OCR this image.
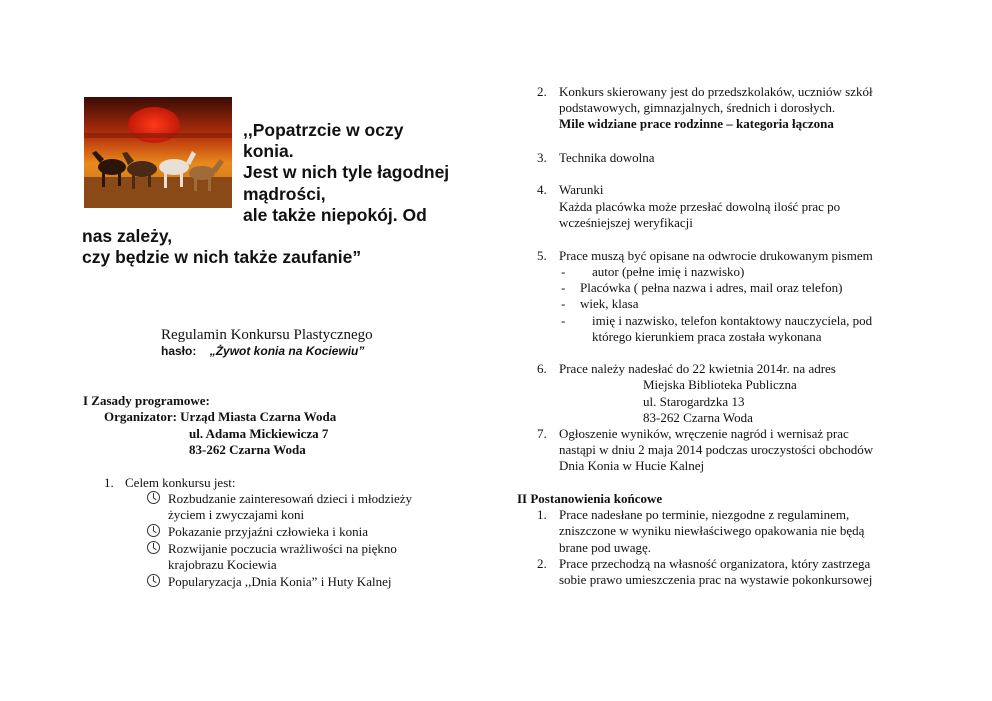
,,Popatrzcie w oczy
konia.
Jest w nich tyle łagodnej
mądrości,
ale także niepokój. Od
nas zależy,
czy będzie w nich także zaufanie”
Regulamin Konkursu Plastycznego
hasło: „Żywot konia na Kociewiu”
I Zasady programowe:
Organizator: Urząd Miasta Czarna Woda
ul. Adama Mickiewicza 7
83-262 Czarna Woda
1. Celem konkursu jest:
Rozbudzanie zainteresowań dzieci i młodzieży
życiem i zwyczajami koni
Pokazanie przyjaźni człowieka i konia
Rozwijanie poczucia wrażliwości na piękno
krajobrazu Kociewia
Popularyzacja ,,Dnia Konia” i Huty Kalnej
2. Konkurs skierowany jest do przedszkolaków, uczniów szkół
podstawowych, gimnazjalnych, średnich i dorosłych.
Mile widziane prace rodzinne – kategoria łączona
3. Technika dowolna
4. Warunki
Każda placówka może przesłać dowolną ilość prac po
wcześniejszej weryfikacji
5. Prace muszą być opisane na odwrocie drukowanym pismem
- autor (pełne imię i nazwisko)
- Placówka ( pełna nazwa i adres, mail oraz telefon)
- wiek, klasa
- imię i nazwisko, telefon kontaktowy nauczyciela, pod
którego kierunkiem praca została wykonana
6. Prace należy nadesłać do 22 kwietnia 2014r. na adres
Miejska Biblioteka Publiczna
ul. Starogardzka 13
83-262 Czarna Woda
7. Ogłoszenie wyników, wręczenie nagród i wernisaż prac
nastąpi w dniu 2 maja 2014 podczas uroczystości obchodów
Dnia Konia w Hucie Kalnej
II Postanowienia końcowe
1. Prace nadesłane po terminie, niezgodne z regulaminem,
zniszczone w wyniku niewłaściwego opakowania nie będą
brane pod uwagę.
2. Prace przechodzą na własność organizatora, który zastrzega
sobie prawo umieszczenia prac na wystawie pokonkursowej
